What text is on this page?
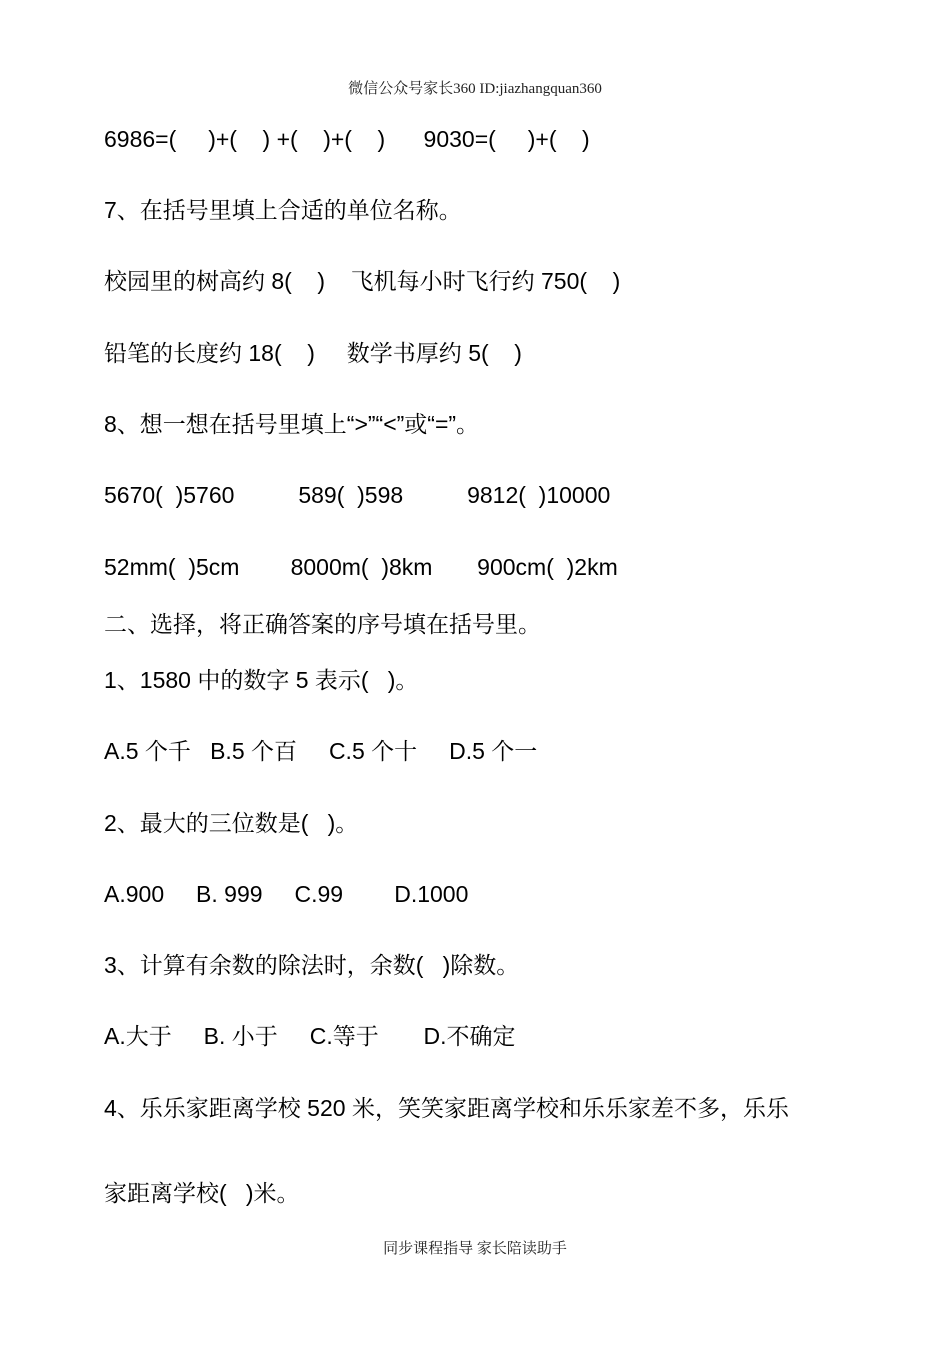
微信公众号家长360 ID:jiazhangquan360
6986=(     )+(    ) +(    )+(    )      9030=(     )+(    )
7、在括号里填上合适的单位名称。
校园里的树高约 8(    )    飞机每小时飞行约 750(    )
铅笔的长度约 18(    )     数学书厚约 5(    )
8、想一想在括号里填上“>”“<”或“=”。
5670(  )5760          589(  )598          9812(  )10000
52mm(  )5cm        8000m(  )8km       900cm(  )2km
二、选择，将正确答案的序号填在括号里。
1、1580 中的数字 5 表示(   )。
A.5 个千   B.5 个百     C.5 个十     D.5 个一
2、最大的三位数是(   )。
A.900     B. 999     C.99        D.1000
3、计算有余数的除法时，余数(   )除数。
A.大于     B. 小于     C.等于       D.不确定
4、乐乐家距离学校 520 米，笑笑家距离学校和乐乐家差不多，乐乐
家距离学校(   )米。
同步课程指导 家长陪读助手
